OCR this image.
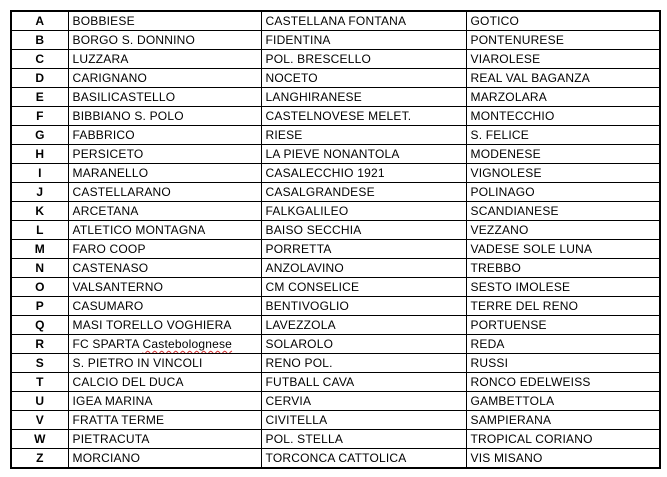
A	BOBBIESE	CASTELLANA FONTANA	GOTICO
B	BORGO S. DONNINO	FIDENTINA	PONTENURESE
C	LUZZARA	POL. BRESCELLO	VIAROLESE
D	CARIGNANO	NOCETO	REAL VAL BAGANZA
E	BASILICASTELLO	LANGHIRANESE	MARZOLARA
F	BIBBIANO S. POLO	CASTELNOVESE MELET.	MONTECCHIO
G	FABBRICO	RIESE	S. FELICE
H	PERSICETO	LA PIEVE NONANTOLA	MODENESE
I	MARANELLO	CASALECCHIO 1921	VIGNOLESE
J	CASTELLARANO	CASALGRANDESE	POLINAGO
K	ARCETANA	FALKGALILEO	SCANDIANESE
L	ATLETICO MONTAGNA	BAISO SECCHIA	VEZZANO
M	FARO COOP	PORRETTA	VADESE SOLE LUNA
N	CASTENASO	ANZOLAVINO	TREBBO
O	VALSANTERNO	CM CONSELICE	SESTO IMOLESE
P	CASUMARO	BENTIVOGLIO	TERRE DEL RENO
Q	MASI TORELLO VOGHIERA	LAVEZZOLA	PORTUENSE
R	FC SPARTA Castebolognese	SOLAROLO	REDA
S	S. PIETRO IN VINCOLI	RENO POL.	RUSSI
T	CALCIO DEL DUCA	FUTBALL CAVA	RONCO EDELWEISS
U	IGEA MARINA	CERVIA	GAMBETTOLA
V	FRATTA TERME	CIVITELLA	SAMPIERANA
W	PIETRACUTA	POL. STELLA	TROPICAL CORIANO
Z	MORCIANO	TORCONCA CATTOLICA	VIS MISANO
